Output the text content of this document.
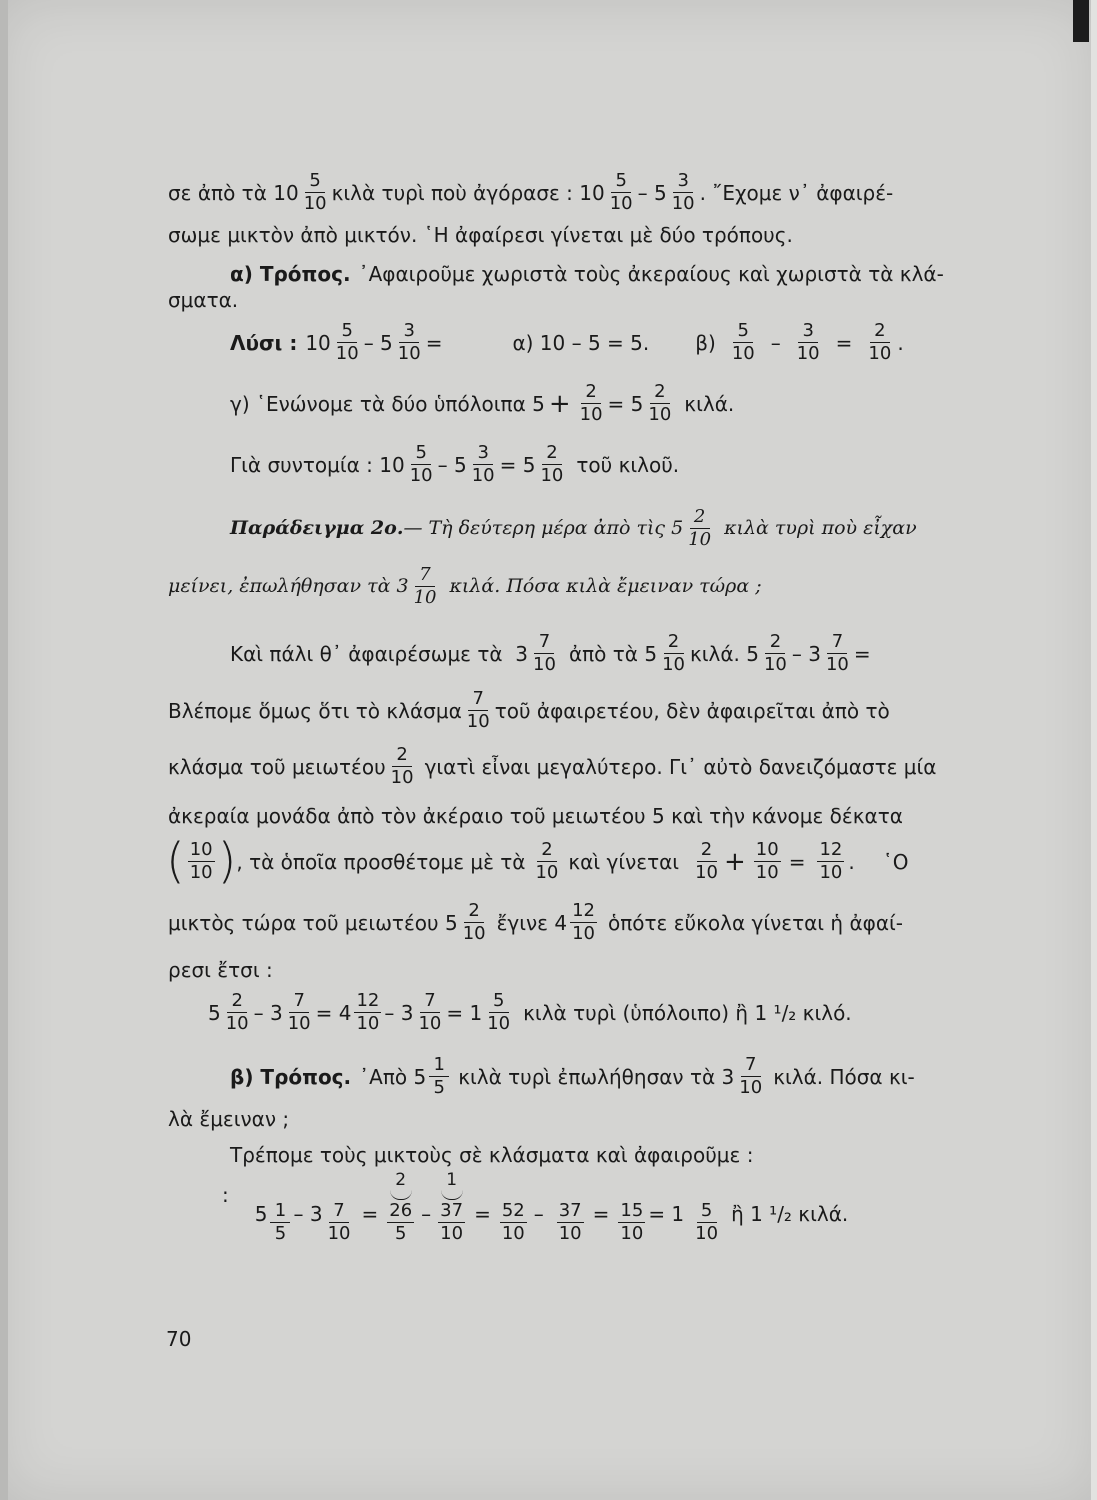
σε ἀπὸ τὰ $10 \frac{5}{10}$ κιλὰ τυρὶ ποὺ ἀγόρασε : $10 \frac{5}{10} - 5 \frac{3}{10}$ . ῎Εχομε ν᾽ ἀφαιρέ-
σωμε μικτὸν ἀπὸ μικτόν. ῾Η ἀφαίρεσι γίνεται μὲ δύο τρόπους.
α) Τρόπος. ᾽Αφαιροῦμε χωριστὰ τοὺς ἀκεραίους καὶ χωριστὰ τὰ κλά-
σματα.
Λύσι : $10 \frac{5}{10} - 5 \frac{3}{10}$ =	α) 10 – 5 = 5. $\beta) \frac{5}{10} - \frac{3}{10} = \frac{2}{10}$ .
γ) ῾Ενώνομε τὰ δύο ὑπόλοιπα $5 + \frac{2}{10} = 5 \frac{2}{10} \kappa\iota\lambda ά$.
Γιὰ συντομία : $10 \frac{5}{10} - 5 \frac{3}{10} = 5 \frac{2}{10}$ τοῦ κιλοῦ.
Παράδειγμα 2ο. — Τὴ δεύτερη μέρα ἀπὸ τὶς $5 \frac{2}{10}$ κιλὰ τυρὶ ποὺ εἶχαν
μείνει, ἐπωλήθησαν τὰ $3 \frac{7}{10} \kappa\iota\lambda ά$. Πόσα κιλὰ ἔμειναν τώρα ;
Καὶ πάλι θ᾽ ἀφαιρέσωμε τὰ  $3 \frac{7}{10}$ ἀπὸ τὰ $5 \frac{2}{10} \kappa\iota\lambda ά$. $5 \frac{2}{10} - 3 \frac{7}{10}$ =
Βλέπομε ὅμως ὅτι τὸ κλάσμα $\frac{7}{10}$ τοῦ ἀφαιρετέου, δὲν ἀφαιρεῖται ἀπὸ τὸ
κλάσμα τοῦ μειωτέου $\frac{2}{10}$ γιατὶ εἶναι μεγαλύτερο. Γι᾽ αὐτὸ δανειζόμαστε μία
ἀκεραία μονάδα ἀπὸ τὸν ἀκέραιο τοῦ μειωτέου 5 καὶ τὴν κάνομε δέκατα
( $\frac{10}{10}$ ) , τὰ ὁποῖα προσθέτομε μὲ τὰ $\frac{2}{10}$ καὶ γίνεται $\frac{2}{10} + \frac{10}{10} = \frac{12}{10}$ . ῾Ο
μικτὸς τώρα τοῦ μειωτέου $5 \frac{2}{10}$ ἔγινε $4 \frac{12}{10}$ ὁπότε εὔκολα γίνεται ἡ ἀφαί-
ρεσι ἔτσι :
$5 \frac{2}{10} - 3 \frac{7}{10} = 4 \frac{12}{10} - 3 \frac{7}{10} = 1 \frac{5}{10}$ κιλὰ τυρὶ (ὑπόλοιπο) ἢ 1 ¹/₂ κιλό.
β) Τρόπος. ᾽Απὸ $5 \frac{1}{5}$ κιλὰ τυρὶ ἐπωλήθησαν τὰ $3 \frac{7}{10} \kappa\iota\lambda ά$. Πόσα κι-
λὰ ἔμειναν ;
Τρέπομε τοὺς μικτοὺς σὲ κλάσματα καὶ ἀφαιροῦμε :
:
$5 \frac{1}{5} - 3 \frac{7}{10}$ =
2
26
5
–
1
37
10
= $\frac{52}{10} - \frac{37}{10} = \frac{15}{10} = 1 \frac{5}{10}$ ἢ 1 ¹/₂ κιλά.
70
